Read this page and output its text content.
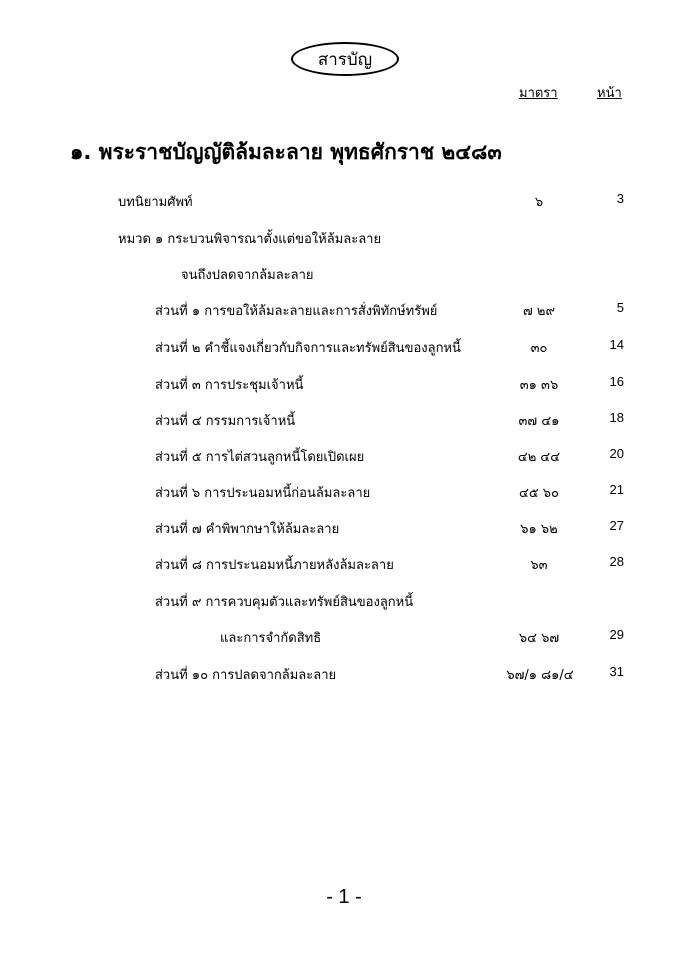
สารบัญ
มาตรา	หน้า
๑. พระราชบัญญัติล้มละลาย พุทธศักราช ๒๔๘๓
บทนิยามศัพท์	๖	3
หมวด ๑ กระบวนพิจารณาตั้งแต่ขอให้ล้มละลาย
จนถึงปลดจากล้มละลาย
ส่วนที่ ๑ การขอให้ล้มละลายและการสั่งพิทักษ์ทรัพย์	๗ ๒๙	5
ส่วนที่ ๒ คำชี้แจงเกี่ยวกับกิจการและทรัพย์สินของลูกหนี้	๓๐	14
ส่วนที่ ๓ การประชุมเจ้าหนี้	๓๑ ๓๖	16
ส่วนที่ ๔ กรรมการเจ้าหนี้	๓๗ ๔๑	18
ส่วนที่ ๕ การไต่สวนลูกหนี้โดยเปิดเผย	๔๒ ๔๔	20
ส่วนที่ ๖ การประนอมหนี้ก่อนล้มละลาย	๔๕ ๖๐	21
ส่วนที่ ๗ คำพิพากษาให้ล้มละลาย	๖๑ ๖๒	27
ส่วนที่ ๘ การประนอมหนี้ภายหลังล้มละลาย	๖๓	28
ส่วนที่ ๙ การควบคุมตัวและทรัพย์สินของลูกหนี้
และการจำกัดสิทธิ	๖๔ ๖๗	29
ส่วนที่ ๑๐ การปลดจากล้มละลาย	๖๗/๑ ๘๑/๔	31
- 1 -
